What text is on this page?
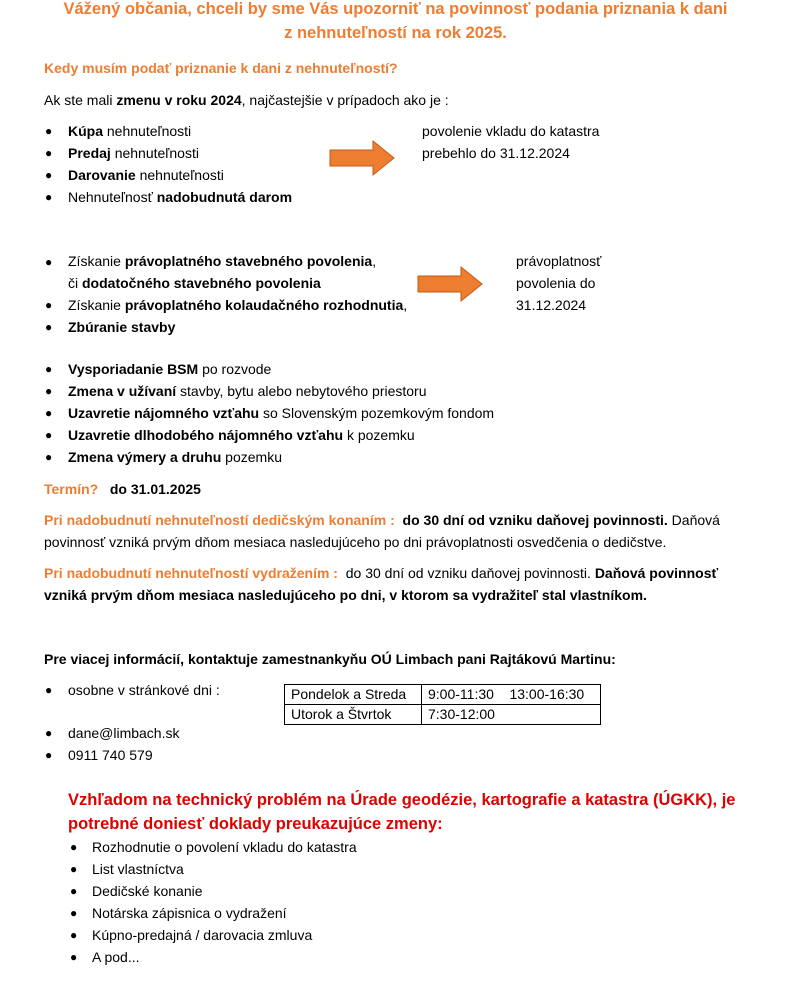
Vážený občania, chceli by sme Vás upozorniť na povinnosť podania priznania k dani
z nehnuteľností na rok 2025.
Kedy musím podať priznanie k dani z nehnuteľností?
Ak ste mali zmenu v roku 2024, najčastejšie v prípadoch ako je :
● Kúpa nehnuteľnosti
● Predaj nehnuteľnosti
● Darovanie nehnuteľnosti
● Nehnuteľnosť nadobudnutá darom
povolenie vkladu do katastra
prebehlo do 31.12.2024
● Získanie právoplatného stavebného povolenia,
či dodatočného stavebného povolenia
● Získanie právoplatného kolaudačného rozhodnutia,
● Zbúranie stavby
právoplatnosť
povolenia do
31.12.2024
● Vysporiadanie BSM po rozvode
● Zmena v užívaní stavby, bytu alebo nebytového priestoru
● Uzavretie nájomného vzťahu so Slovenským pozemkovým fondom
● Uzavretie dlhodobého nájomného vzťahu k pozemku
● Zmena výmery a druhu pozemku
Termín? do 31.01.2025
Pri nadobudnutí nehnuteľností dedičským konaním : do 30 dní od vzniku daňovej povinnosti. Daňová
povinnosť vzniká prvým dňom mesiaca nasledujúceho po dni právoplatnosti osvedčenia o dedičstve.
Pri nadobudnutí nehnuteľností vydražením : do 30 dní od vzniku daňovej povinnosti. Daňová povinnosť
vzniká prvým dňom mesiaca nasledujúceho po dni, v ktorom sa vydražiteľ stal vlastníkom.
Pre viacej informácií, kontaktuje zamestnankyňu OÚ Limbach pani Rajtákovú Martinu:
● osobne v stránkové dni :	Pondelok a Streda	9:00-11:30    13:00-16:30
Utorok a Štvrtok	7:30-12:00
● dane@limbach.sk
● 0911 740 579
Vzhľadom na technický problém na Úrade geodézie, kartografie a katastra (ÚGKK), je
potrebné doniesť doklady preukazujúce zmeny:
● Rozhodnutie o povolení vkladu do katastra
● List vlastníctva
● Dedičské konanie
● Notárska zápisnica o vydražení
● Kúpno-predajná / darovacia zmluva
● A pod...
